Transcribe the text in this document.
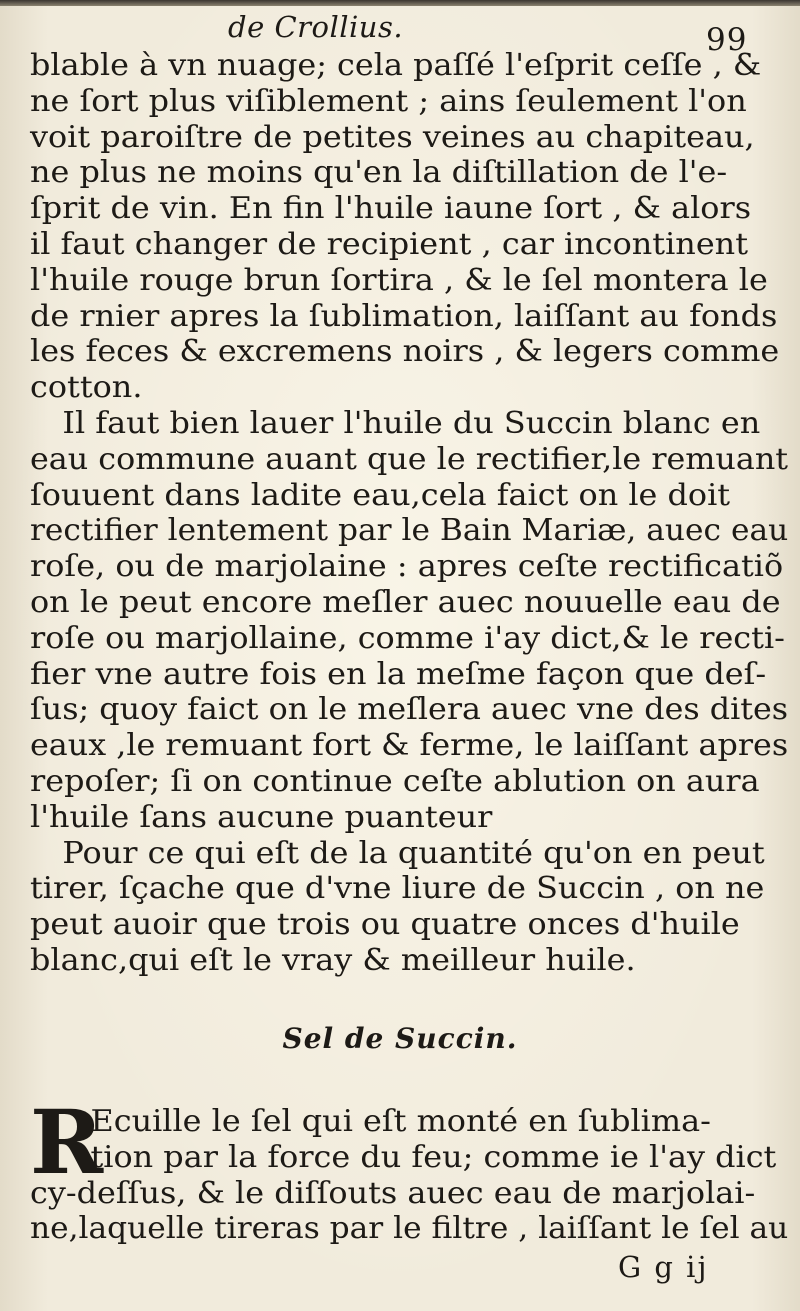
de Crollius.	99
blable à vn nuage; cela paſſé l'eſprit ceſſe , &
ne ſort plus viſiblement ; ains ſeulement l'on
voit paroiſtre de petites veines au chapiteau,
ne plus ne moins qu'en la diſtillation de l'e-
ſprit de vin. En fin l'huile iaune ſort , & alors
il faut changer de recipient , car incontinent
l'huile rouge brun ſortira , & le ſel montera le
de rnier apres la ſublimation, laiſſant au fonds
les feces & excremens noirs , & legers comme
cotton.
Il faut bien lauer l'huile du Succin blanc en
eau commune auant que le rectifier,le remuant
ſouuent dans ladite eau,cela faict on le doit
rectifier lentement par le Bain Mariæ, auec eau
roſe, ou de marjolaine : apres ceſte rectificatiõ
on le peut encore meſler auec nouuelle eau de
roſe ou marjollaine, comme i'ay dict,& le recti-
fier vne autre fois en la meſme façon que deſ-
ſus; quoy faict on le meſlera auec vne des dites
eaux ,le remuant fort & ferme, le laiſſant apres
repoſer; ſi on continue ceſte ablution on aura
l'huile ſans aucune puanteur
Pour ce qui eſt de la quantité qu'on en peut
tirer, ſçache que d'vne liure de Succin , on ne
peut auoir que trois ou quatre onces d'huile
blanc,qui eſt le vray & meilleur huile.
Sel de Succin.
R
Ecuille le ſel qui eſt monté en ſublima-
tion par la force du feu; comme ie l'ay dict
cy-deſſus, & le diſſouts auec eau de marjolai-
ne,laquelle tireras par le filtre , laiſſant le ſel au
G g ij
